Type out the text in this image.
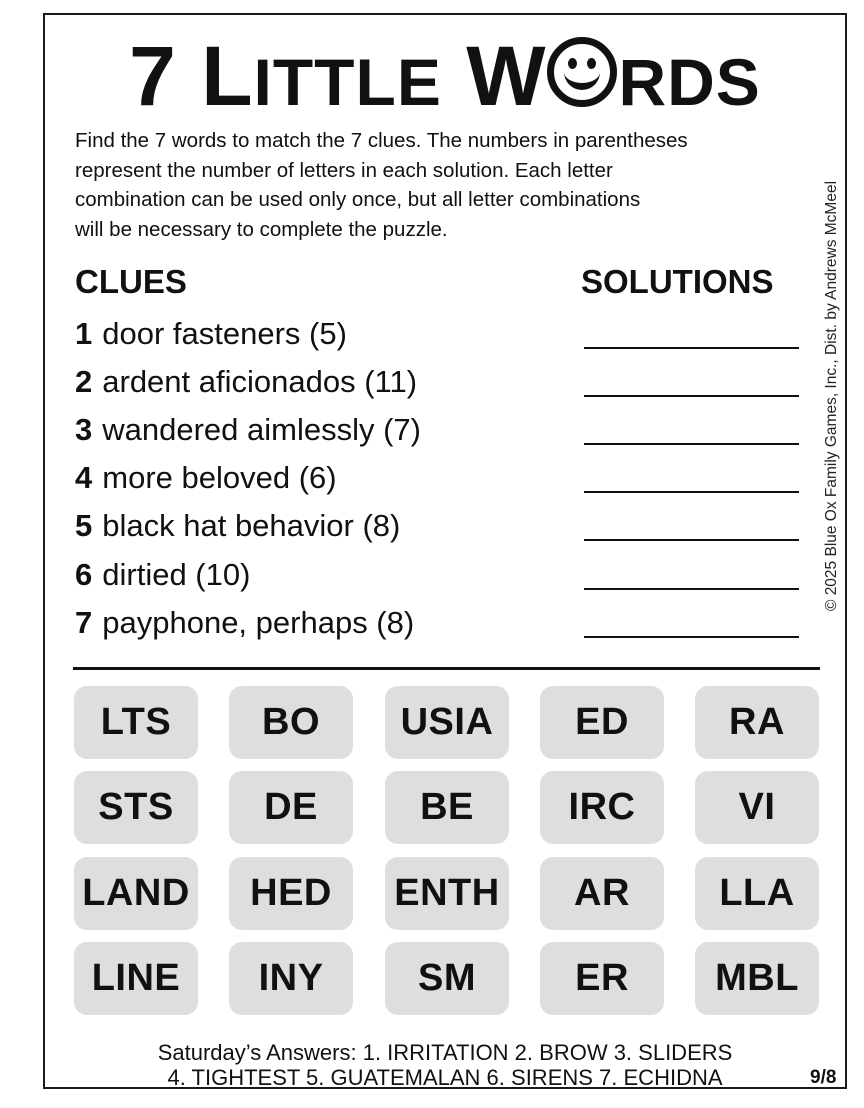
7 LITTLE W RDS
Find the 7 words to match the 7 clues. The numbers in parentheses
represent the number of letters in each solution. Each letter
combination can be used only once, but all letter combinations
will be necessary to complete the puzzle.	© 2025 Blue Ox Family Games, Inc., Dist. by Andrews McMeel
CLUES	SOLUTIONS
1 door fasteners (5)
2 ardent aficionados (11)
3 wandered aimlessly (7)
4 more beloved (6)
5 black hat behavior (8)
6 dirtied (10)
7 payphone, perhaps (8)
LTS	BO	USIA	ED	RA
STS	DE	BE	IRC	VI
LAND	HED	ENTH	AR	LLA
LINE	INY	SM	ER	MBL
Saturday’s Answers: 1. IRRITATION 2. BROW 3. SLIDERS
4. TIGHTEST 5. GUATEMALAN 6. SIRENS 7. ECHIDNA	9/8
